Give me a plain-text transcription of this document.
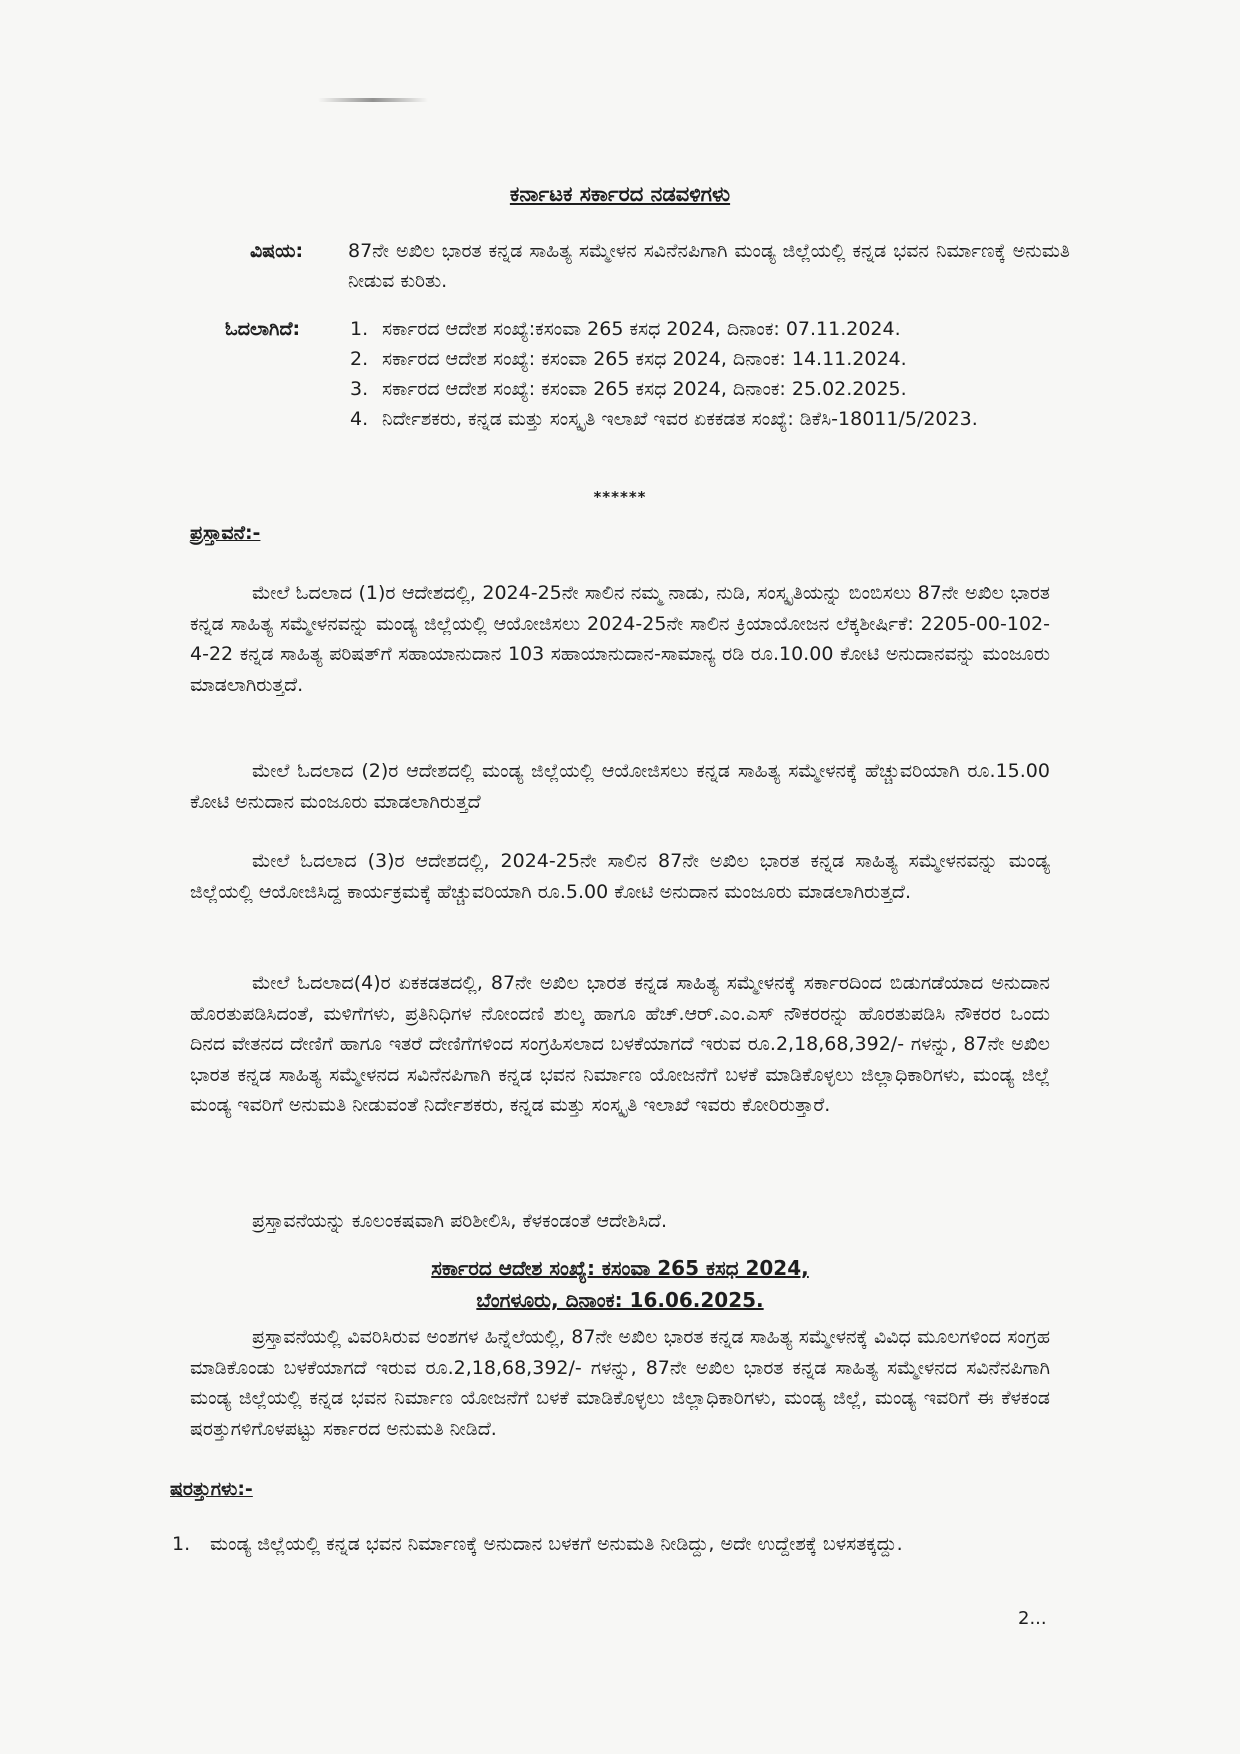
ಕರ್ನಾಟಕ ಸರ್ಕಾರದ ನಡವಳಿಗಳು
ವಿಷಯ: 87ನೇ ಅಖಿಲ ಭಾರತ ಕನ್ನಡ ಸಾಹಿತ್ಯ ಸಮ್ಮೇಳನ ಸವಿನೆನಪಿಗಾಗಿ ಮಂಡ್ಯ ಜಿಲ್ಲೆಯಲ್ಲಿ ಕನ್ನಡ ಭವನ ನಿರ್ಮಾಣಕ್ಕೆ ಅನುಮತಿ ನೀಡುವ ಕುರಿತು.
ಓದಲಾಗಿದೆ:	1. ಸರ್ಕಾರದ ಆದೇಶ ಸಂಖ್ಯೆ:ಕಸಂವಾ 265 ಕಸಧ 2024, ದಿನಾಂಕ: 07.11.2024.
2. ಸರ್ಕಾರದ ಆದೇಶ ಸಂಖ್ಯೆ: ಕಸಂವಾ 265 ಕಸಧ 2024, ದಿನಾಂಕ: 14.11.2024.
3. ಸರ್ಕಾರದ ಆದೇಶ ಸಂಖ್ಯೆ: ಕಸಂವಾ 265 ಕಸಧ 2024, ದಿನಾಂಕ: 25.02.2025.
4. ನಿರ್ದೇಶಕರು, ಕನ್ನಡ ಮತ್ತು ಸಂಸ್ಕೃತಿ ಇಲಾಖೆ ಇವರ ಏಕಕಡತ ಸಂಖ್ಯೆ: ಡಿಕೆಸಿ-18011/5/2023.
******
ಪ್ರಸ್ತಾವನೆ:-

ಮೇಲೆ ಓದಲಾದ (1)ರ ಆದೇಶದಲ್ಲಿ, 2024-25ನೇ ಸಾಲಿನ ನಮ್ಮ ನಾಡು, ನುಡಿ, ಸಂಸ್ಕೃತಿಯನ್ನು ಬಿಂಬಿಸಲು 87ನೇ ಅಖಿಲ ಭಾರತ ಕನ್ನಡ ಸಾಹಿತ್ಯ ಸಮ್ಮೇಳನವನ್ನು ಮಂಡ್ಯ ಜಿಲ್ಲೆಯಲ್ಲಿ ಆಯೋಜಿಸಲು 2024-25ನೇ ಸಾಲಿನ ಕ್ರಿಯಾಯೋಜನ ಲೆಕ್ಕಶೀರ್ಷಿಕೆ: 2205-00-102-4-22 ಕನ್ನಡ ಸಾಹಿತ್ಯ ಪರಿಷತ್‌ಗೆ ಸಹಾಯಾನುದಾನ 103 ಸಹಾಯಾನುದಾನ-ಸಾಮಾನ್ಯ ರಡಿ ರೂ.10.00 ಕೋಟಿ ಅನುದಾನವನ್ನು ಮಂಜೂರು ಮಾಡಲಾಗಿರುತ್ತದೆ.

ಮೇಲೆ ಓದಲಾದ (2)ರ ಆದೇಶದಲ್ಲಿ ಮಂಡ್ಯ ಜಿಲ್ಲೆಯಲ್ಲಿ ಆಯೋಜಿಸಲು ಕನ್ನಡ ಸಾಹಿತ್ಯ ಸಮ್ಮೇಳನಕ್ಕೆ ಹೆಚ್ಚುವರಿಯಾಗಿ ರೂ.15.00 ಕೋಟಿ ಅನುದಾನ ಮಂಜೂರು ಮಾಡಲಾಗಿರುತ್ತದೆ

ಮೇಲೆ ಓದಲಾದ (3)ರ ಆದೇಶದಲ್ಲಿ, 2024-25ನೇ ಸಾಲಿನ 87ನೇ ಅಖಿಲ ಭಾರತ ಕನ್ನಡ ಸಾಹಿತ್ಯ ಸಮ್ಮೇಳನವನ್ನು ಮಂಡ್ಯ ಜಿಲ್ಲೆಯಲ್ಲಿ ಆಯೋಜಿಸಿದ್ದ ಕಾರ್ಯಕ್ರಮಕ್ಕೆ ಹೆಚ್ಚುವರಿಯಾಗಿ ರೂ.5.00 ಕೋಟಿ ಅನುದಾನ ಮಂಜೂರು ಮಾಡಲಾಗಿರುತ್ತದೆ.

ಮೇಲೆ ಓದಲಾದ(4)ರ ಏಕಕಡತದಲ್ಲಿ, 87ನೇ ಅಖಿಲ ಭಾರತ ಕನ್ನಡ ಸಾಹಿತ್ಯ ಸಮ್ಮೇಳನಕ್ಕೆ ಸರ್ಕಾರದಿಂದ ಬಿಡುಗಡೆಯಾದ ಅನುದಾನ ಹೊರತುಪಡಿಸಿದಂತೆ, ಮಳಿಗೆಗಳು, ಪ್ರತಿನಿಧಿಗಳ ನೋಂದಣಿ ಶುಲ್ಕ ಹಾಗೂ ಹೆಚ್.ಆರ್.ಎಂ.ಎಸ್ ನೌಕರರನ್ನು ಹೊರತುಪಡಿಸಿ ನೌಕರರ ಒಂದು ದಿನದ ವೇತನದ ದೇಣಿಗೆ ಹಾಗೂ ಇತರೆ ದೇಣಿಗೆಗಳಿಂದ ಸಂಗ್ರಹಿಸಲಾದ ಬಳಕೆಯಾಗದೆ ಇರುವ ರೂ.2,18,68,392/- ಗಳನ್ನು, 87ನೇ ಅಖಿಲ ಭಾರತ ಕನ್ನಡ ಸಾಹಿತ್ಯ ಸಮ್ಮೇಳನದ ಸವಿನೆನಪಿಗಾಗಿ ಕನ್ನಡ ಭವನ ನಿರ್ಮಾಣ ಯೋಜನೆಗೆ ಬಳಕೆ ಮಾಡಿಕೊಳ್ಳಲು ಜಿಲ್ಲಾಧಿಕಾರಿಗಳು, ಮಂಡ್ಯ ಜಿಲ್ಲೆ ಮಂಡ್ಯ ಇವರಿಗೆ ಅನುಮತಿ ನೀಡುವಂತೆ ನಿರ್ದೇಶಕರು, ಕನ್ನಡ ಮತ್ತು ಸಂಸ್ಕೃತಿ ಇಲಾಖೆ ಇವರು ಕೋರಿರುತ್ತಾರೆ.

ಪ್ರಸ್ತಾವನೆಯನ್ನು ಕೂಲಂಕಷವಾಗಿ ಪರಿಶೀಲಿಸಿ, ಕೆಳಕಂಡಂತೆ ಆದೇಶಿಸಿದೆ.

ಸರ್ಕಾರದ ಆದೇಶ ಸಂಖ್ಯೆ: ಕಸಂವಾ 265 ಕಸಧ 2024,
ಬೆಂಗಳೂರು, ದಿನಾಂಕ: 16.06.2025.

ಪ್ರಸ್ತಾವನೆಯಲ್ಲಿ ವಿವರಿಸಿರುವ ಅಂಶಗಳ ಹಿನ್ನೆಲೆಯಲ್ಲಿ, 87ನೇ ಅಖಿಲ ಭಾರತ ಕನ್ನಡ ಸಾಹಿತ್ಯ ಸಮ್ಮೇಳನಕ್ಕೆ ವಿವಿಧ ಮೂಲಗಳಿಂದ ಸಂಗ್ರಹ ಮಾಡಿಕೊಂಡು ಬಳಕೆಯಾಗದೆ ಇರುವ ರೂ.2,18,68,392/- ಗಳನ್ನು, 87ನೇ ಅಖಿಲ ಭಾರತ ಕನ್ನಡ ಸಾಹಿತ್ಯ ಸಮ್ಮೇಳನದ ಸವಿನೆನಪಿಗಾಗಿ ಮಂಡ್ಯ ಜಿಲ್ಲೆಯಲ್ಲಿ ಕನ್ನಡ ಭವನ ನಿರ್ಮಾಣ ಯೋಜನೆಗೆ ಬಳಕೆ ಮಾಡಿಕೊಳ್ಳಲು ಜಿಲ್ಲಾಧಿಕಾರಿಗಳು, ಮಂಡ್ಯ ಜಿಲ್ಲೆ, ಮಂಡ್ಯ ಇವರಿಗೆ ಈ ಕೆಳಕಂಡ ಷರತ್ತುಗಳಿಗೊಳಪಟ್ಟು ಸರ್ಕಾರದ ಅನುಮತಿ ನೀಡಿದೆ.

ಷರತ್ತುಗಳು:-
1. ಮಂಡ್ಯ ಜಿಲ್ಲೆಯಲ್ಲಿ ಕನ್ನಡ ಭವನ ನಿರ್ಮಾಣಕ್ಕೆ ಅನುದಾನ ಬಳಕಗೆ ಅನುಮತಿ ನೀಡಿದ್ದು, ಅದೇ ಉದ್ದೇಶಕ್ಕೆ ಬಳಸತಕ್ಕದ್ದು.
2...
